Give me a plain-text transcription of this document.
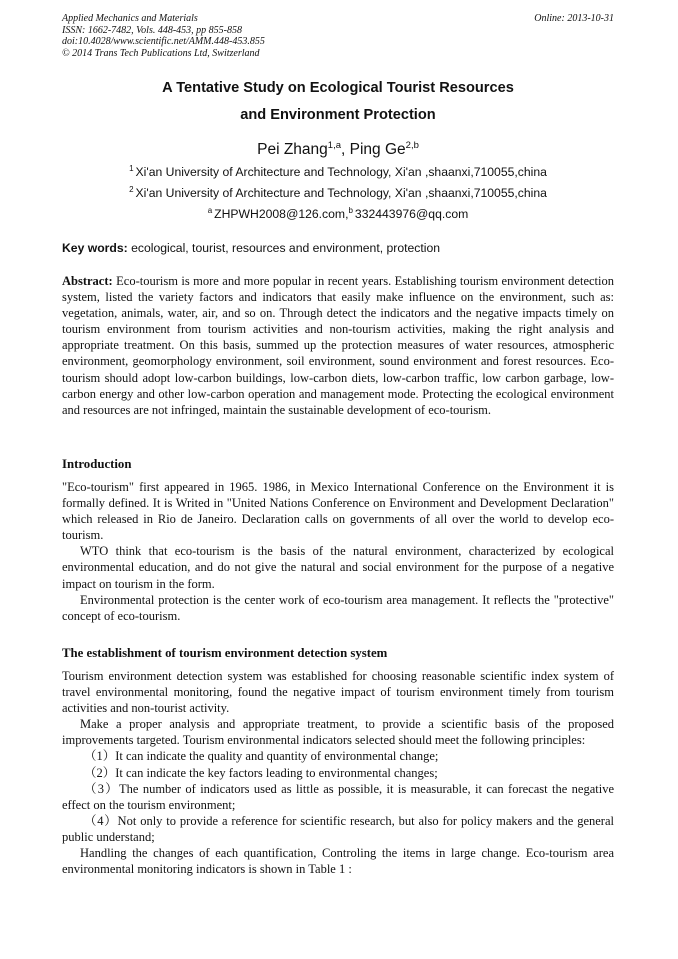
Applied Mechanics and Materials
ISSN: 1662-7482, Vols. 448-453, pp 855-858
doi:10.4028/www.scientific.net/AMM.448-453.855
© 2014 Trans Tech Publications Ltd, Switzerland
Online: 2013-10-31
A Tentative Study on Ecological Tourist Resources
and Environment Protection
Pei Zhang$^{1,a}$, Ping Ge$^{2,b}$
$^1$ Xi'an University of Architecture and Technology, Xi'an ,shaanxi,710055,china
$^2$ Xi'an University of Architecture and Technology, Xi'an ,shaanxi,710055,china
$^a$ ZHPWH2008@126.com,$^b$ 332443976@qq.com
Key words: ecological, tourist, resources and environment, protection

Abstract: Eco-tourism is more and more popular in recent years. Establishing tourism environment detection system, listed the variety factors and indicators that easily make influence on the environment, such as: vegetation, animals, water, air, and so on. Through detect the indicators and the negative impacts timely on tourism environment from tourism activities and non-tourism activities, making the right analysis and appropriate treatment. On this basis, summed up the protection measures of water resources, atmospheric environment, geomorphology environment, soil environment, sound environment and forest resources. Eco-tourism should adopt low-carbon buildings, low-carbon diets, low-carbon traffic, low carbon garbage, low-carbon energy and other low-carbon operation and management mode. Protecting the ecological environment and resources are not infringed, maintain the sustainable development of eco-tourism.

Introduction

"Eco-tourism" first appeared in 1965. 1986, in Mexico International Conference on the Environment it is formally defined. It is Writed in "United Nations Conference on Environment and Development Declaration" which released in Rio de Janeiro. Declaration calls on governments of all over the world to develop eco-tourism.

WTO think that eco-tourism is the basis of the natural environment, characterized by ecological environmental education, and do not give the natural and social environment for the purpose of a negative impact on tourism in the form.

Environmental protection is the center work of eco-tourism area management. It reflects the "protective" concept of eco-tourism.

The establishment of tourism environment detection system

Tourism environment detection system was established for choosing reasonable scientific index system of travel environmental monitoring, found the negative impact of tourism environment timely from tourism activities and non-tourist activity.

Make a proper analysis and appropriate treatment, to provide a scientific basis of the proposed improvements targeted. Tourism environmental indicators selected should meet the following principles:

（1）It can indicate the quality and quantity of environmental change;

（2）It can indicate the key factors leading to environmental changes;

（3）The number of indicators used as little as possible, it is measurable, it can forecast the negative effect on the tourism environment;

（4）Not only to provide a reference for scientific research, but also for policy makers and the general public understand;

Handling the changes of each quantification, Controling the items in large change. Eco-tourism area environmental monitoring indicators is shown in Table 1 :
